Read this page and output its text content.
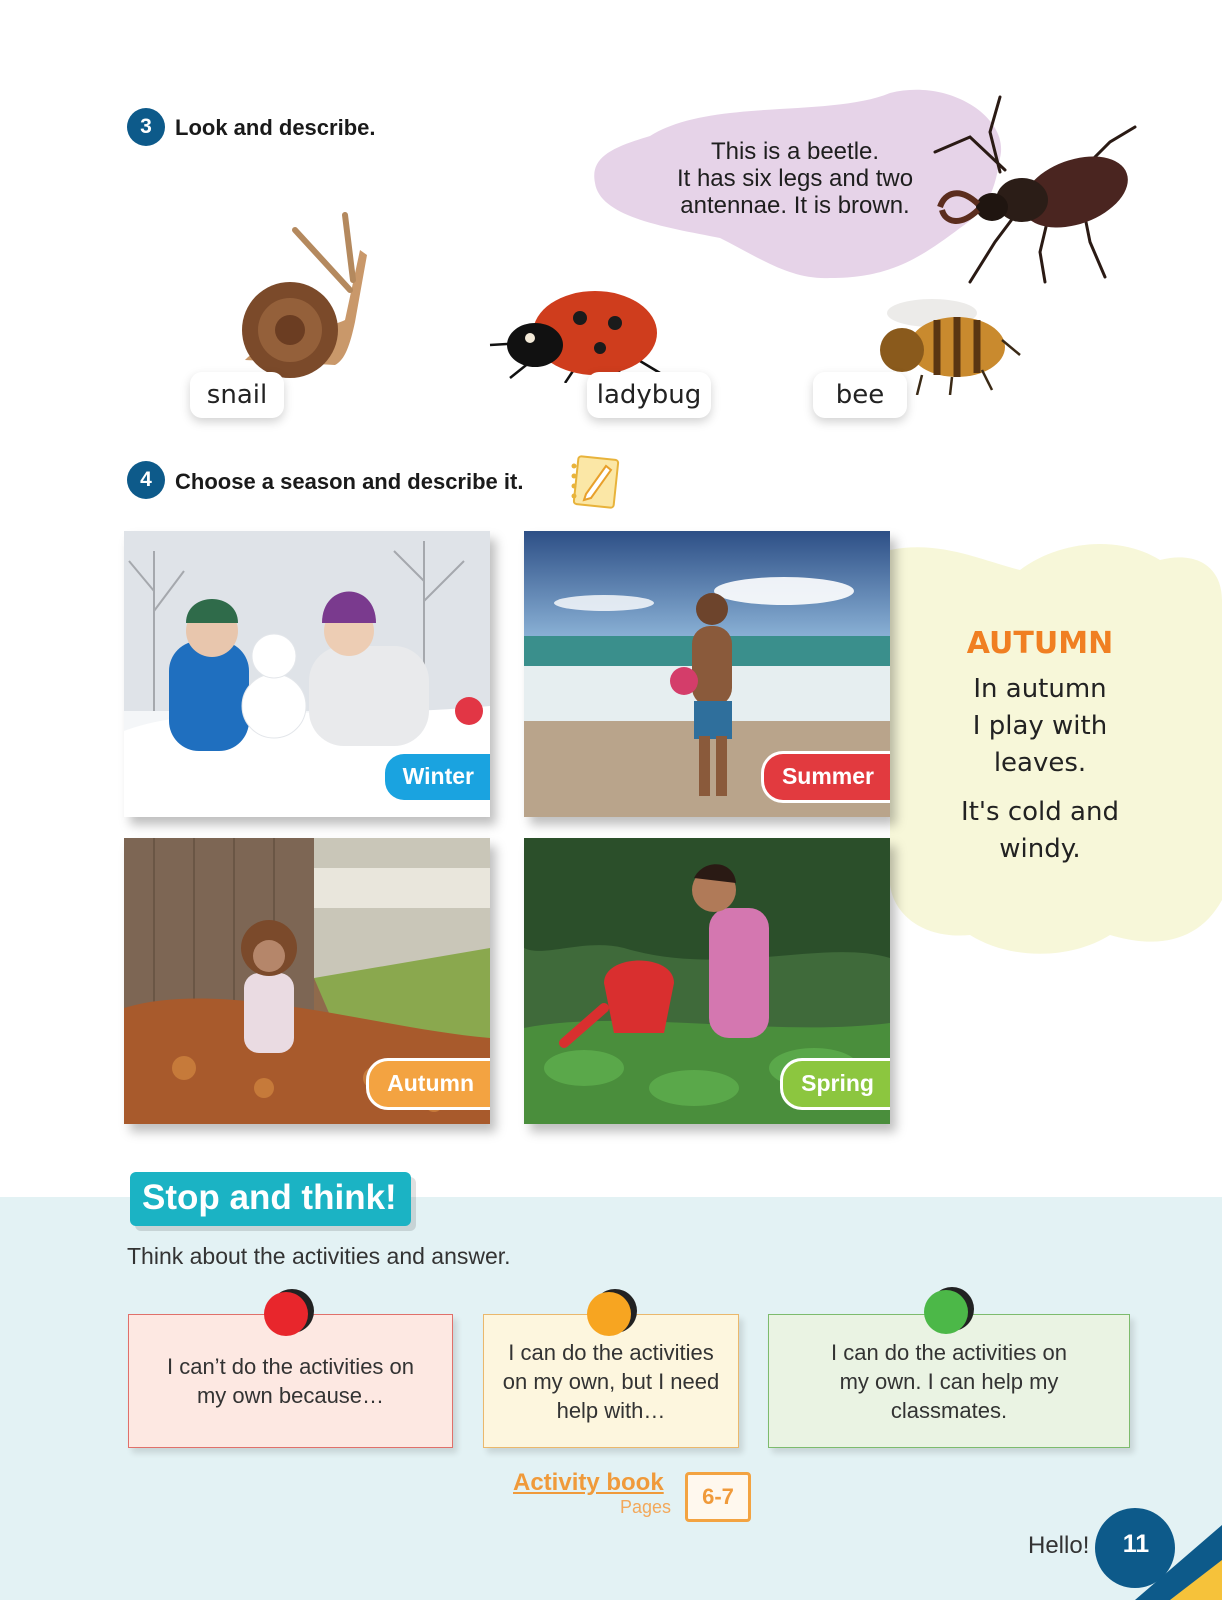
3	Look and describe.
This is a beetle.
It has six legs and two
antennae. It is brown.
snail	ladybug	bee
4	Choose a season and describe it.
AUTUMN
In autumn
I play with
leaves.
It's cold and
windy.
Winter	Summer
Autumn	Spring
Stop and think!
Think about the activities and answer.
I can’t do the activities on my own because…
I can do the activities on my own, but I need help with…
I can do the activities on my own. I can help my classmates.
Activity book
Pages 6-7
Hello!	11
